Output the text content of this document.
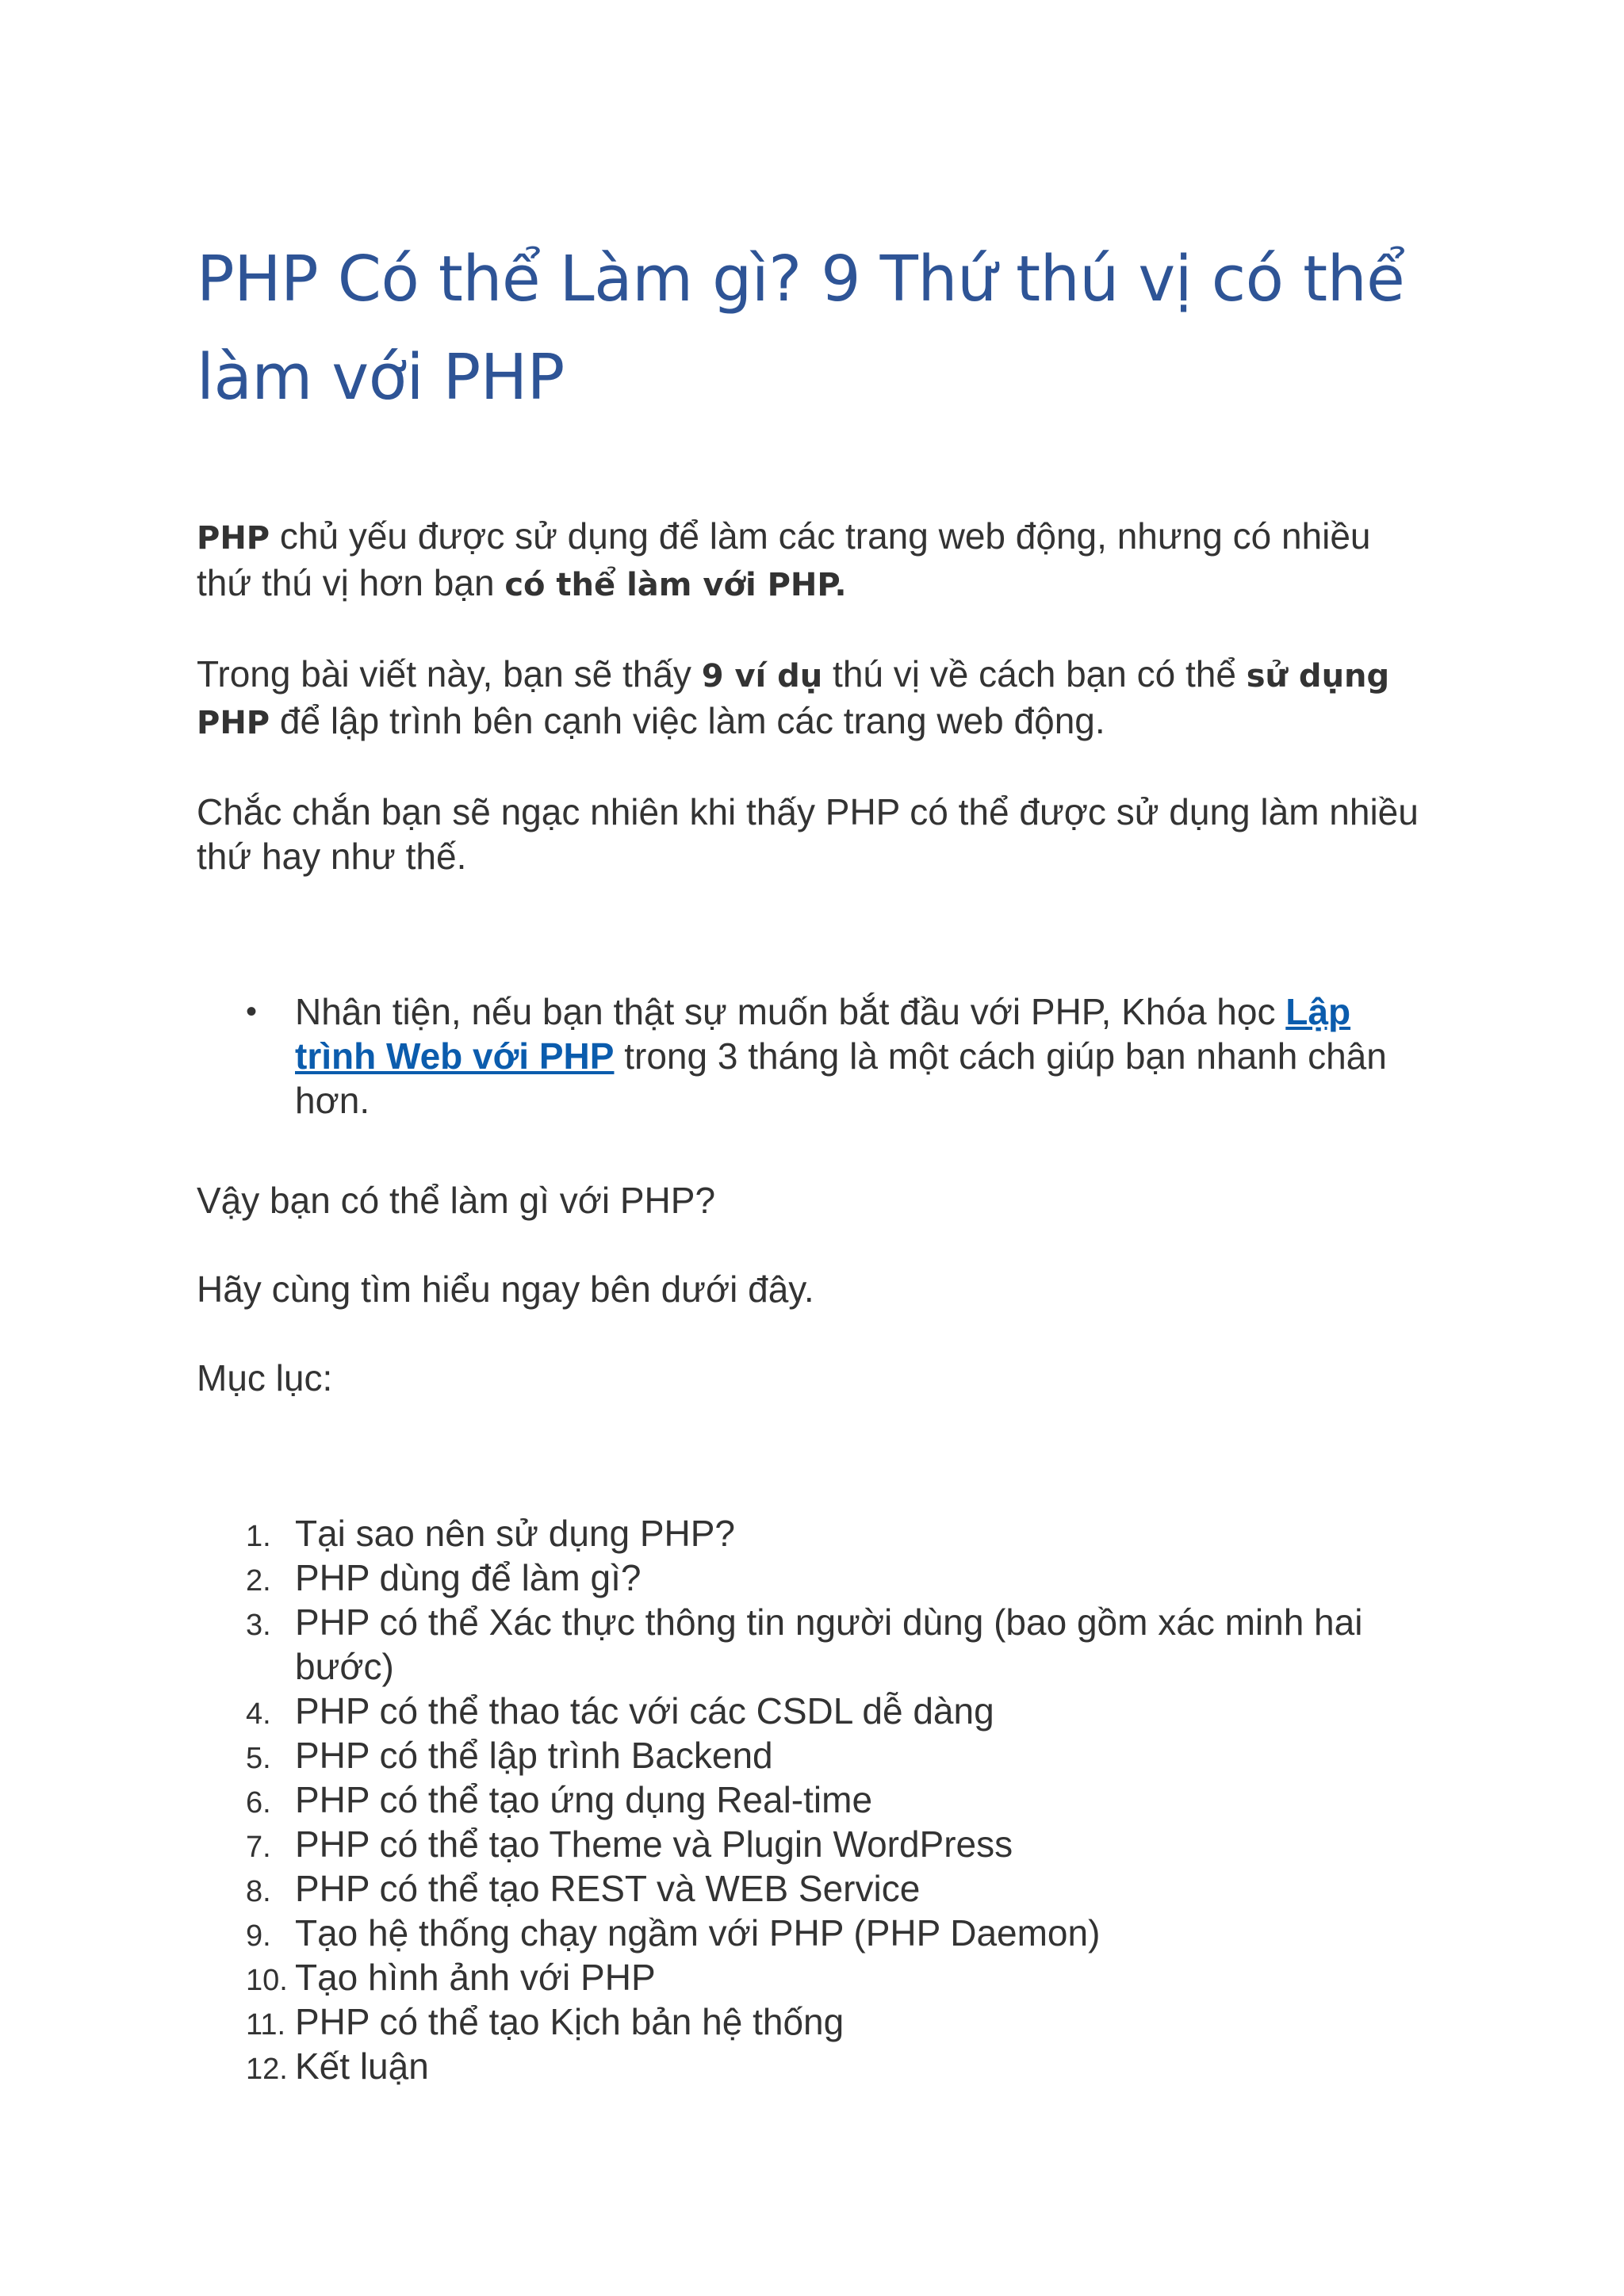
PHP Có thể Làm gì? 9 Thứ thú vị có thể
làm với PHP

PHP chủ yếu được sử dụng để làm các trang web động, nhưng có nhiều thứ thú vị hơn bạn có thể làm với PHP.

Trong bài viết này, bạn sẽ thấy 9 ví dụ thú vị về cách bạn có thể sử dụng PHP để lập trình bên cạnh việc làm các trang web động.

Chắc chắn bạn sẽ ngạc nhiên khi thấy PHP có thể được sử dụng làm nhiều thứ hay như thế.

• Nhân tiện, nếu bạn thật sự muốn bắt đầu với PHP, Khóa học Lập trình Web với PHP trong 3 tháng là một cách giúp bạn nhanh chân hơn.

Vậy bạn có thể làm gì với PHP?

Hãy cùng tìm hiểu ngay bên dưới đây.

Mục lục:

1. Tại sao nên sử dụng PHP?
2. PHP dùng để làm gì?
3. PHP có thể Xác thực thông tin người dùng (bao gồm xác minh hai bước)
4. PHP có thể thao tác với các CSDL dễ dàng
5. PHP có thể lập trình Backend
6. PHP có thể tạo ứng dụng Real-time
7. PHP có thể tạo Theme và Plugin WordPress
8. PHP có thể tạo REST và WEB Service
9. Tạo hệ thống chạy ngầm với PHP (PHP Daemon)
10. Tạo hình ảnh với PHP
11. PHP có thể tạo Kịch bản hệ thống
12. Kết luận
